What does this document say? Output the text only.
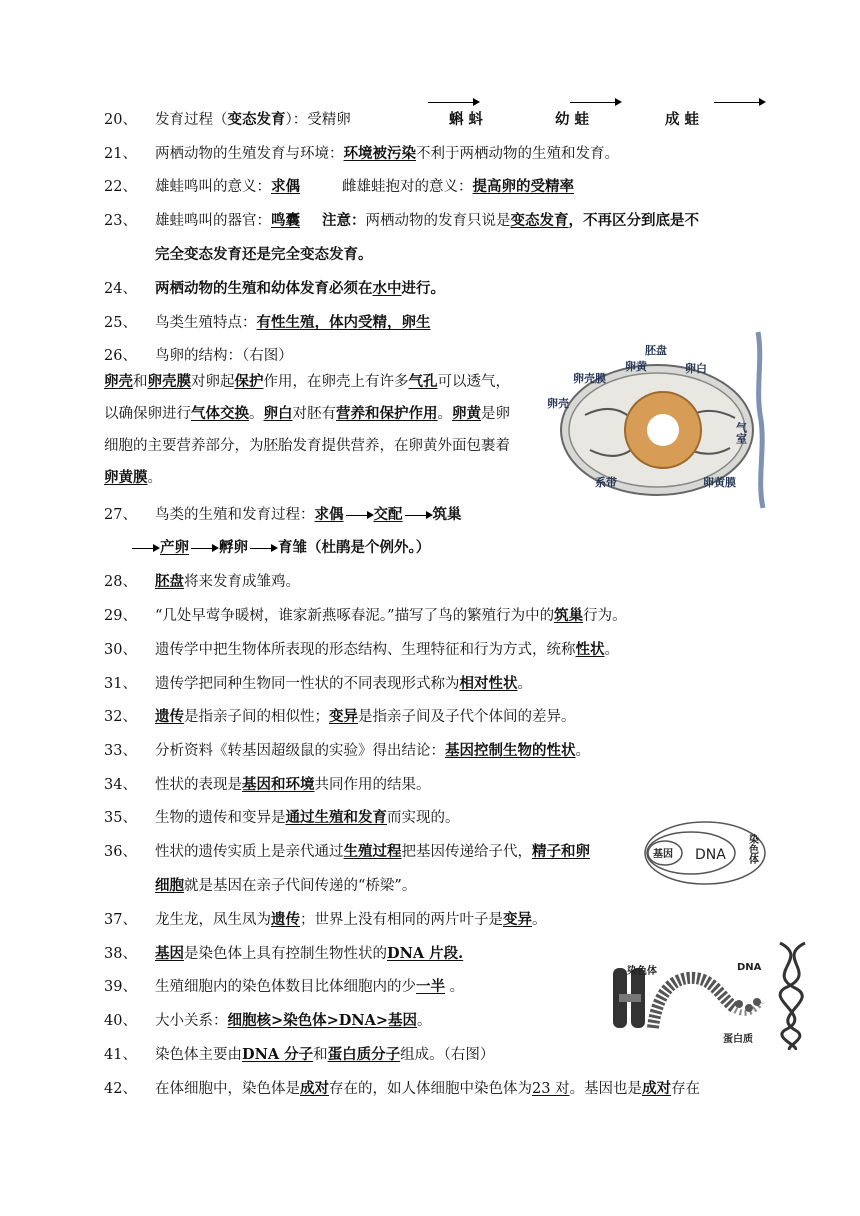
20、	发育过程（变态发育）：受精卵	蝌 蚪	幼 蛙	成 蛙
21、	两栖动物的生殖发育与环境：环境被污染不利于两栖动物的生殖和发育。
22、	雄蛙鸣叫的意义：求偶	雌雄蛙抱对的意义：提高卵的受精率
23、	雄蛙鸣叫的器官：鸣囊 注意：两栖动物的发育只说是变态发育，不再区分到底是不
完全变态发育还是完全变态发育。
24、	两栖动物的生殖和幼体发育必须在水中进行。
25、	鸟类生殖特点：有性生殖，体内受精，卵生
26、	鸟卵的结构：（右图）
卵壳和卵壳膜对卵起保护作用，在卵壳上有许多气孔可以透气，以确保卵进行气体交换。卵白对胚有营养和保护作用。卵黄是卵细胞的主要营养部分，为胚胎发育提供营养，在卵黄外面包裹着卵黄膜。
胚盘
卵黄	卵白
卵壳膜
卵壳
气室
系带	卵黄膜
27、	鸟类的生殖和发育过程：求偶 交配 筑巢
产卵 孵卵 育雏（杜鹃是个例外。）
28、	胚盘将来发育成雏鸡。
29、	“几处早莺争暖树，谁家新燕啄春泥。”描写了鸟的繁殖行为中的筑巢行为。
30、	遗传学中把生物体所表现的形态结构、生理特征和行为方式，统称性状。
31、	遗传学把同种生物同一性状的不同表现形式称为相对性状。
32、	遗传是指亲子间的相似性；变异是指亲子间及子代个体间的差异。
33、	分析资料《转基因超级鼠的实验》得出结论：基因控制生物的性状。
34、	性状的表现是基因和环境共同作用的结果。
35、	生物的遗传和变异是通过生殖和发育而实现的。
基因 DNA 染色体
36、	性状的遗传实质上是亲代通过生殖过程把基因传递给子代，精子和卵
细胞就是基因在亲子代间传递的“桥梁”。
37、	龙生龙，凤生凤为遗传；世界上没有相同的两片叶子是变异。
染色体	DNA
蛋白质
38、	基因是染色体上具有控制生物性状的DNA 片段.
39、	生殖细胞内的染色体数目比体细胞内的少一半 。
40、	大小关系：细胞核>染色体>DNA>基因。
41、	染色体主要由DNA 分子和蛋白质分子组成。（右图）
42、	在体细胞中，染色体是成对存在的，如人体细胞中染色体为23 对。基因也是成对存在
